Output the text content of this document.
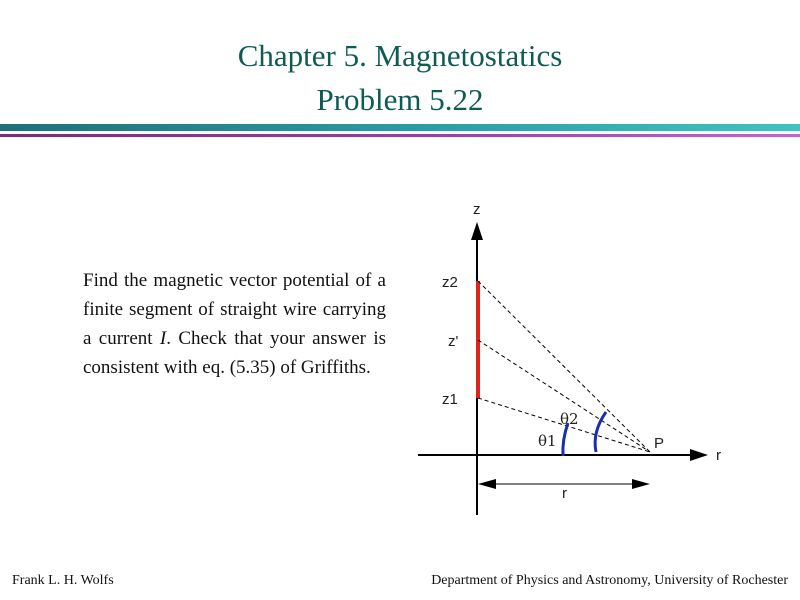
Chapter 5. Magnetostatics
Problem 5.22
Find the magnetic vector potential of a finite segment of straight wire carrying a current I. Check that your answer is consistent with eq. (5.35) of Griffiths.
z
z2
z'
z1
θ2
θ1	P
r
r
Frank L. H. Wolfs	Department of Physics and Astronomy, University of Rochester
